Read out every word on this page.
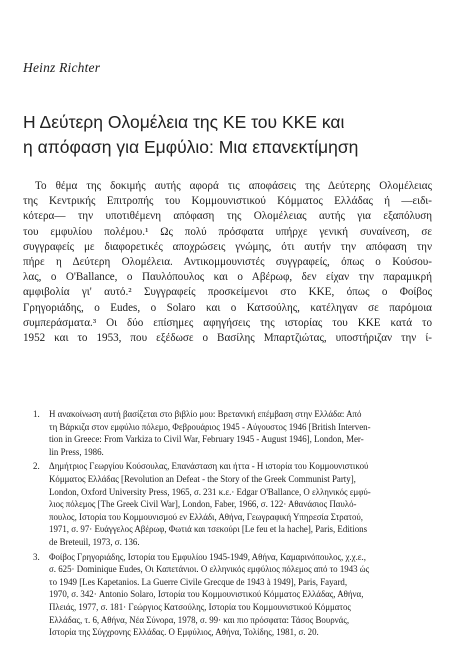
Heinz Richter
Η Δεύτερη Ολομέλεια της ΚΕ του ΚΚΕ και
η απόφαση για Εμφύλιο: Μια επανεκτίμηση
Το θέμα της δοκιμής αυτής αφορά τις αποφάσεις της Δεύτερης Ολομέλειας
της Κεντρικής Επιτροπής του Κομμουνιστικού Κόμματος Ελλάδας ή —ειδι-
κότερα— την υποτιθέμενη απόφαση της Ολομέλειας αυτής για εξαπόλυση
του εμφυλίου πολέμου.¹ Ως πολύ πρόσφατα υπήρχε γενική συναίνεση, σε
συγγραφείς με διαφορετικές αποχρώσεις γνώμης, ότι αυτήν την απόφαση την
πήρε η Δεύτερη Ολομέλεια. Αντικομμουνιστές συγγραφείς, όπως ο Κούσου-
λας, ο O'Ballance, ο Παυλόπουλος και ο Αβέρωφ, δεν είχαν την παραμικρή
αμφιβολία γι' αυτό.² Συγγραφείς προσκείμενοι στο ΚΚΕ, όπως ο Φοίβος
Γρηγοριάδης, ο Eudes, ο Solaro και ο Κατσούλης, κατέληγαν σε παρόμοια
συμπεράσματα.³ Οι δύο επίσημες αφηγήσεις της ιστορίας του ΚΚΕ κατά το
1952 και το 1953, που εξέδωσε ο Βασίλης Μπαρτζιώτας, υποστήριζαν την ί-
1.	Η ανακοίνωση αυτή βασίζεται στο βιβλίο μου: Βρετανική επέμβαση στην Ελλάδα: Από
τη Βάρκιζα στον εμφύλιο πόλεμο, Φεβρουάριος 1945 - Αύγουστος 1946 [British Interven-
tion in Greece: From Varkiza to Civil War, February 1945 - August 1946], London, Mer-
lin Press, 1986.
2.	Δημήτριος Γεωργίου Κούσουλας, Επανάσταση και ήττα - Η ιστορία του Κομμουνιστικού
Κόμματος Ελλάδας [Revolution an Defeat - the Story of the Greek Communist Party],
London, Oxford University Press, 1965, σ. 231 κ.ε.· Edgar O'Ballance, Ο ελληνικός εμφύ-
λιος πόλεμος [The Greek Civil War], London, Faber, 1966, σ. 122· Αθανάσιος Παυλό-
πουλος, Ιστορία του Κομμουνισμού εν Ελλάδι, Αθήνα, Γεωγραφική Υπηρεσία Στρατού,
1971, σ. 97· Ευάγγελος Αβέρωφ, Φωτιά και τσεκούρι [Le feu et la hache], Paris, Editions
de Breteuil, 1973, σ. 136.
3.	Φοίβος Γρηγοριάδης, Ιστορία του Εμφυλίου 1945-1949, Αθήνα, Καμαρινόπουλος, χ.χ.ε.,
σ. 625· Dominique Eudes, Οι Καπετάνιοι. Ο ελληνικός εμφύλιος πόλεμος από το 1943 ώς
το 1949 [Les Kapetanios. La Guerre Civile Grecque de 1943 à 1949], Paris, Fayard,
1970, σ. 342· Antonio Solaro, Ιστορία του Κομμουνιστικού Κόμματος Ελλάδας, Αθήνα,
Πλειάς, 1977, σ. 181· Γεώργιος Κατσούλης, Ιστορία του Κομμουνιστικού Κόμματος
Ελλάδας, τ. 6, Αθήνα, Νέα Σύνορα, 1978, σ. 99· και πιο πρόσφατα: Τάσος Βουρνάς,
Ιστορία της Σύγχρονης Ελλάδας. Ο Εμφύλιος, Αθήνα, Τολίδης, 1981, σ. 20.
